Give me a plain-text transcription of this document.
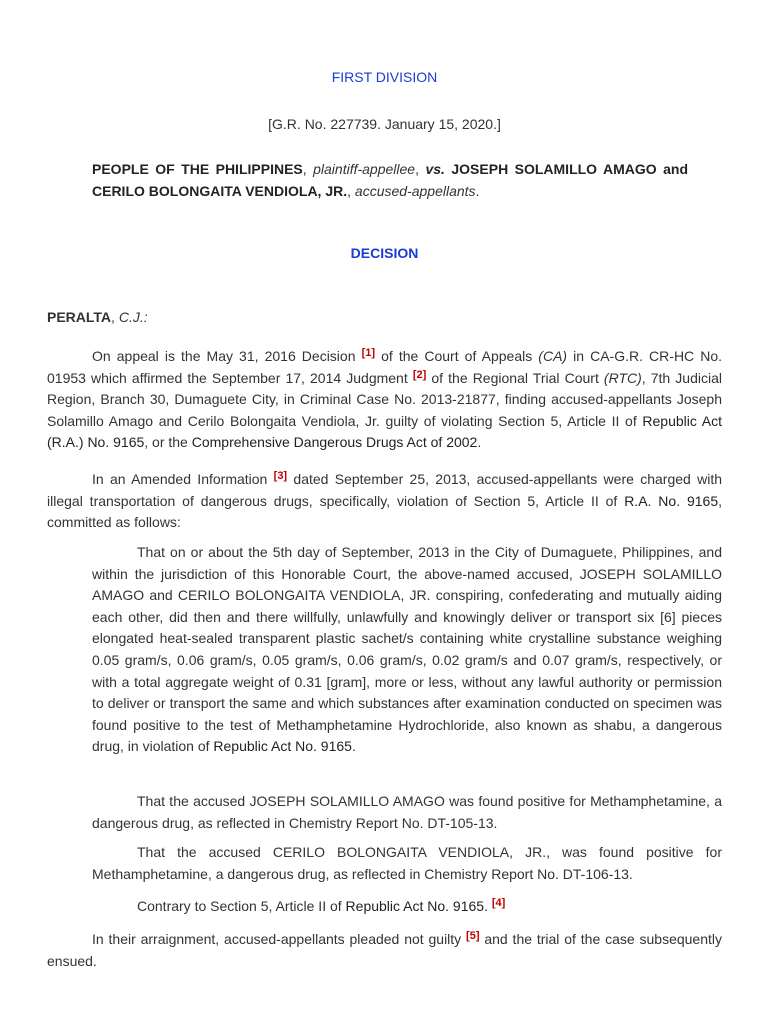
FIRST DIVISION
[G.R. No. 227739. January 15, 2020.]
PEOPLE OF THE PHILIPPINES, plaintiff-appellee, vs. JOSEPH SOLAMILLO AMAGO and CERILO BOLONGAITA VENDIOLA, JR., accused-appellants.
DECISION
PERALTA, C.J.:
On appeal is the May 31, 2016 Decision [1] of the Court of Appeals (CA) in CA-G.R. CR-HC No. 01953 which affirmed the September 17, 2014 Judgment [2] of the Regional Trial Court (RTC), 7th Judicial Region, Branch 30, Dumaguete City, in Criminal Case No. 2013-21877, finding accused-appellants Joseph Solamillo Amago and Cerilo Bolongaita Vendiola, Jr. guilty of violating Section 5, Article II of Republic Act (R.A.) No. 9165, or the Comprehensive Dangerous Drugs Act of 2002.
In an Amended Information [3] dated September 25, 2013, accused-appellants were charged with illegal transportation of dangerous drugs, specifically, violation of Section 5, Article II of R.A. No. 9165, committed as follows:
That on or about the 5th day of September, 2013 in the City of Dumaguete, Philippines, and within the jurisdiction of this Honorable Court, the above-named accused, JOSEPH SOLAMILLO AMAGO and CERILO BOLONGAITA VENDIOLA, JR. conspiring, confederating and mutually aiding each other, did then and there willfully, unlawfully and knowingly deliver or transport six [6] pieces elongated heat-sealed transparent plastic sachet/s containing white crystalline substance weighing 0.05 gram/s, 0.06 gram/s, 0.05 gram/s, 0.06 gram/s, 0.02 gram/s and 0.07 gram/s, respectively, or with a total aggregate weight of 0.31 [gram], more or less, without any lawful authority or permission to deliver or transport the same and which substances after examination conducted on specimen was found positive to the test of Methamphetamine Hydrochloride, also known as shabu, a dangerous drug, in violation of Republic Act No. 9165.
That the accused JOSEPH SOLAMILLO AMAGO was found positive for Methamphetamine, a dangerous drug, as reflected in Chemistry Report No. DT-105-13.
That the accused CERILO BOLONGAITA VENDIOLA, JR., was found positive for Methamphetamine, a dangerous drug, as reflected in Chemistry Report No. DT-106-13.
Contrary to Section 5, Article II of Republic Act No. 9165. [4]
In their arraignment, accused-appellants pleaded not guilty [5] and the trial of the case subsequently ensued.
